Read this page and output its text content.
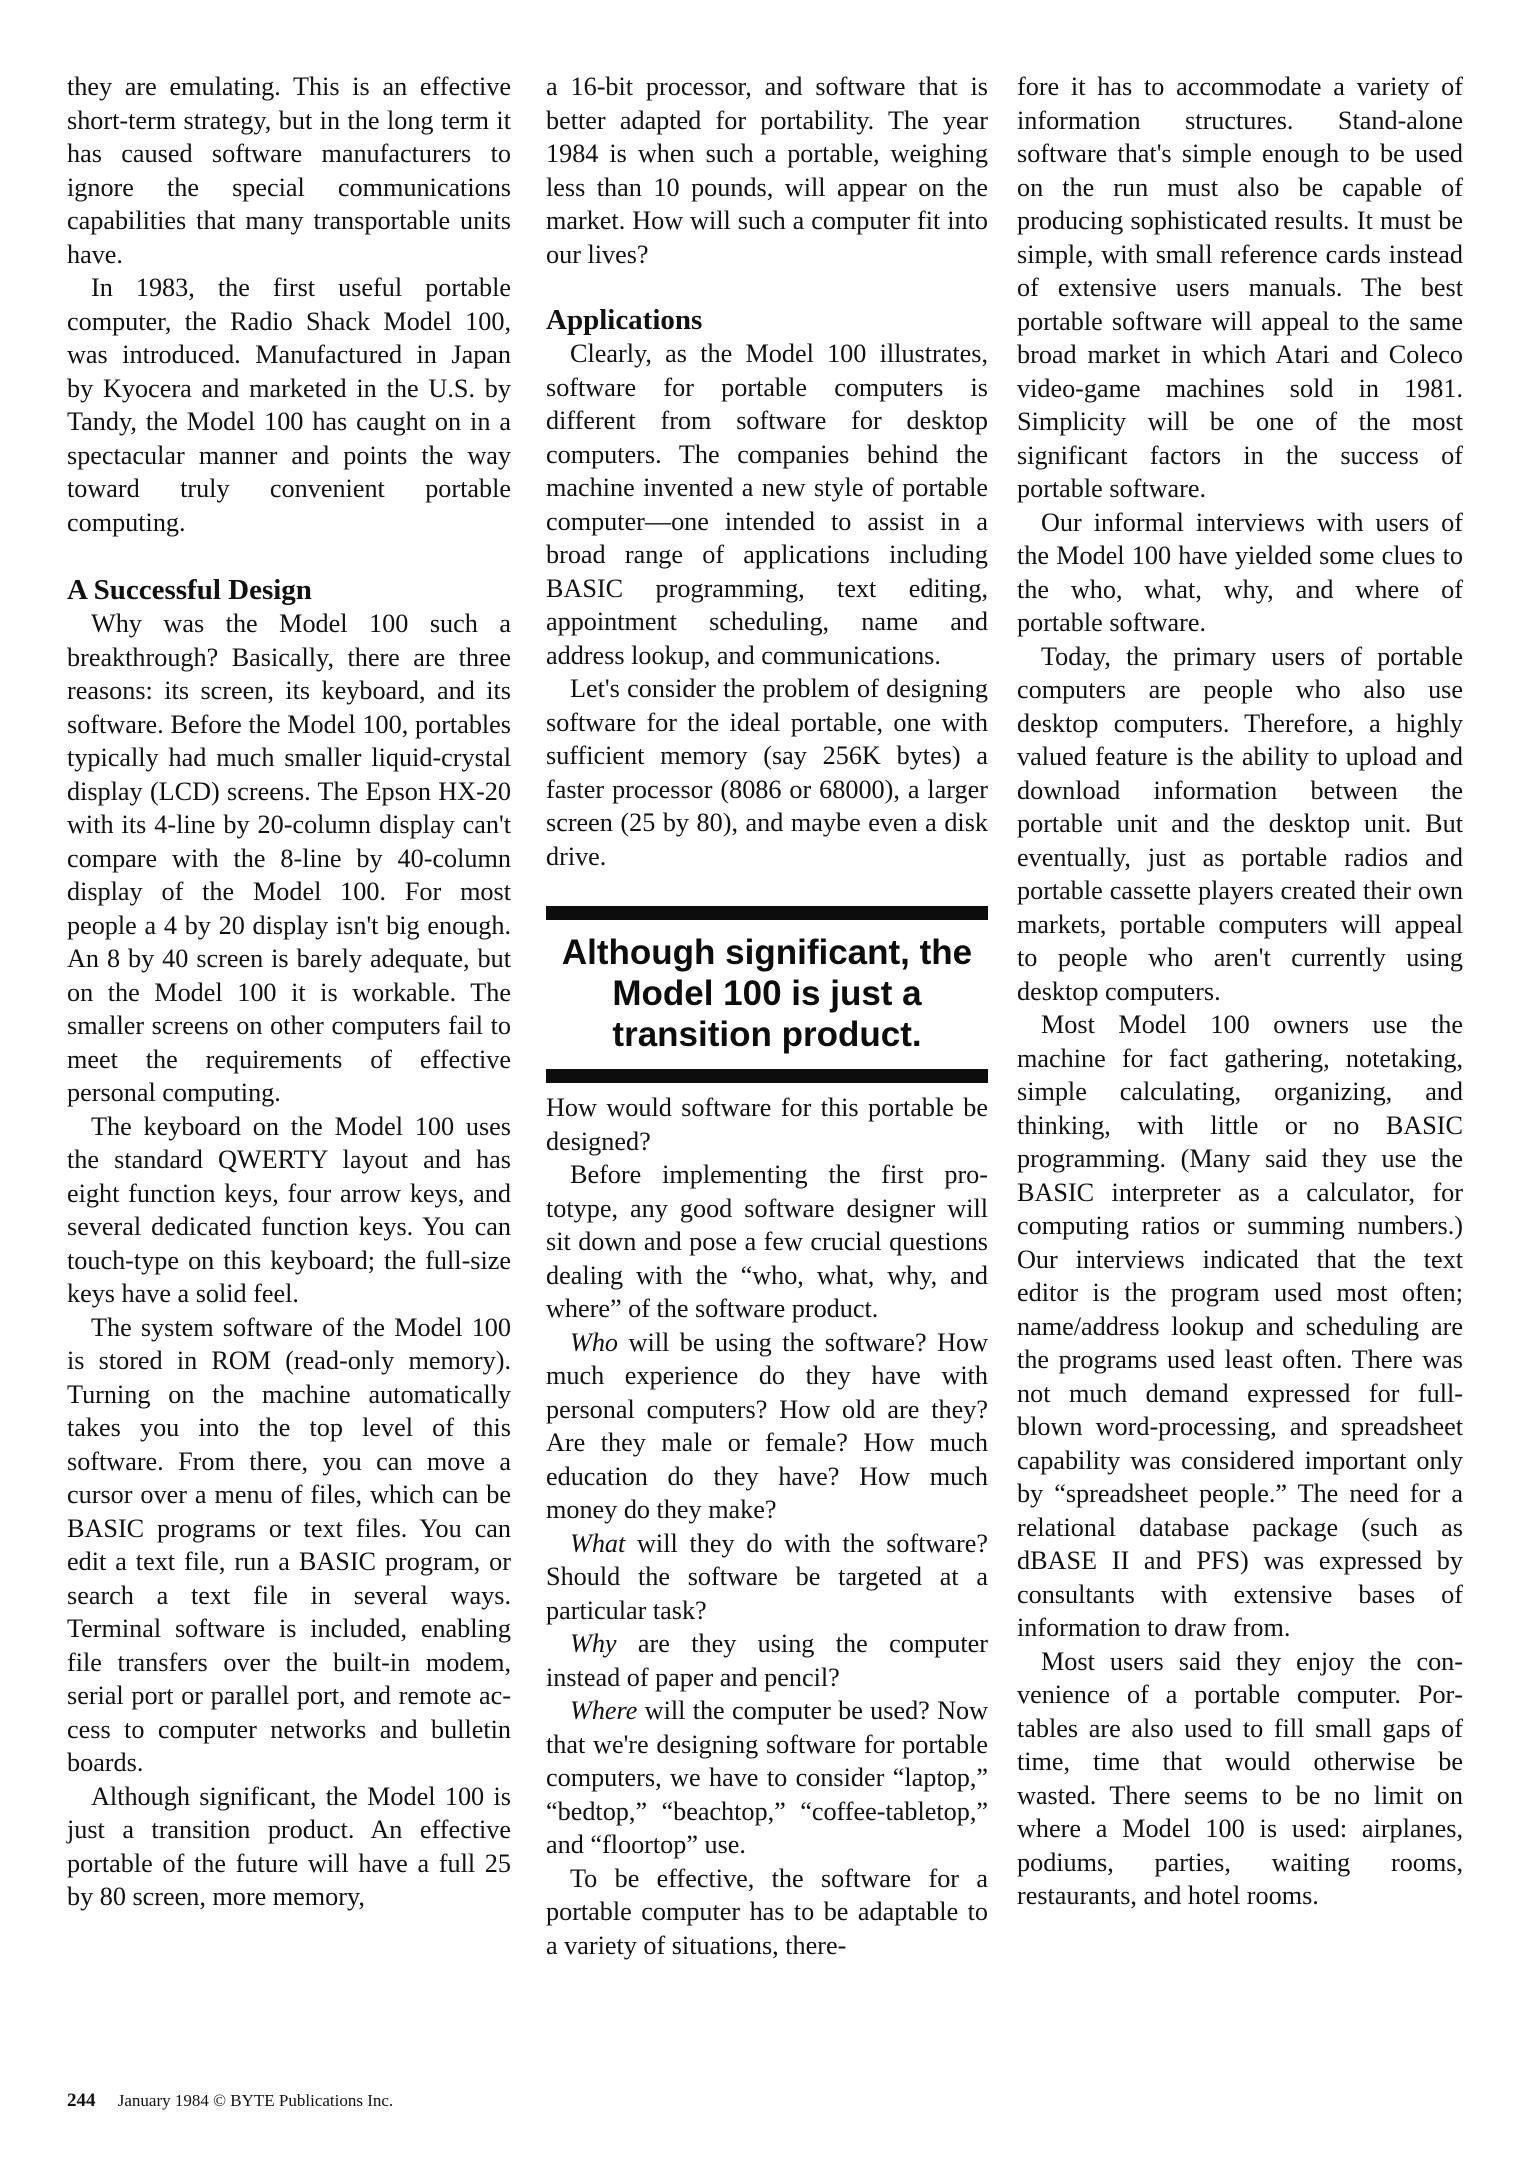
they are emulating. This is an effective short-term strategy, but in the long term it has caused software manufacturers to ignore the special communications capabilities that many transportable units have.

In 1983, the first useful portable computer, the Radio Shack Model 100, was introduced. Manufactured in Japan by Kyocera and marketed in the U.S. by Tandy, the Model 100 has caught on in a spectacular manner and points the way toward truly convenient portable computing.

A Successful Design

Why was the Model 100 such a breakthrough? Basically, there are three reasons: its screen, its keyboard, and its software. Before the Model 100, portables typically had much smaller liquid-crystal display (LCD) screens. The Epson HX-20 with its 4-line by 20-column display can't compare with the 8-line by 40-column display of the Model 100. For most people a 4 by 20 display isn't big enough. An 8 by 40 screen is barely adequate, but on the Model 100 it is workable. The smaller screens on other computers fail to meet the requirements of effective personal computing.

The keyboard on the Model 100 uses the standard QWERTY layout and has eight function keys, four arrow keys, and several dedicated function keys. You can touch-type on this keyboard; the full-size keys have a solid feel.

The system software of the Model 100 is stored in ROM (read-only memory). Turning on the machine automatically takes you into the top level of this software. From there, you can move a cursor over a menu of files, which can be BASIC programs or text files. You can edit a text file, run a BASIC program, or search a text file in several ways. Terminal software is included, enabling file transfers over the built-in modem, serial port or parallel port, and remote access to computer networks and bulletin boards.

Although significant, the Model 100 is just a transition product. An effective portable of the future will have a full 25 by 80 screen, more memory,

a 16-bit processor, and software that is better adapted for portability. The year 1984 is when such a portable, weighing less than 10 pounds, will appear on the market. How will such a computer fit into our lives?

Applications

Clearly, as the Model 100 illustrates, software for portable computers is different from software for desktop computers. The companies behind the machine invented a new style of portable computer—one intended to assist in a broad range of applications including BASIC programming, text editing, appointment scheduling, name and address lookup, and communications.

Let's consider the problem of designing software for the ideal portable, one with sufficient memory (say 256K bytes) a faster processor (8086 or 68000), a larger screen (25 by 80), and maybe even a disk drive.

Although significant, the Model 100 is just a transition product.

How would software for this portable be designed?

Before implementing the first prototype, any good software designer will sit down and pose a few crucial questions dealing with the “who, what, why, and where” of the software product.

Who will be using the software? How much experience do they have with personal computers? How old are they? Are they male or female? How much education do they have? How much money do they make?

What will they do with the software? Should the software be targeted at a particular task?

Why are they using the computer instead of paper and pencil?

Where will the computer be used? Now that we're designing software for portable computers, we have to consider “laptop,” “bedtop,” “beachtop,” “coffee-tabletop,” and “floortop” use.

To be effective, the software for a portable computer has to be adaptable to a variety of situations, there-

fore it has to accommodate a variety of information structures. Stand-alone software that's simple enough to be used on the run must also be capable of producing sophisticated results. It must be simple, with small reference cards instead of extensive users manuals. The best portable software will appeal to the same broad market in which Atari and Coleco video-game machines sold in 1981. Simplicity will be one of the most significant factors in the success of portable software.

Our informal interviews with users of the Model 100 have yielded some clues to the who, what, why, and where of portable software.

Today, the primary users of portable computers are people who also use desktop computers. Therefore, a highly valued feature is the ability to upload and download information between the portable unit and the desktop unit. But eventually, just as portable radios and portable cassette players created their own markets, portable computers will appeal to people who aren't currently using desktop computers.

Most Model 100 owners use the machine for fact gathering, notetaking, simple calculating, organizing, and thinking, with little or no BASIC programming. (Many said they use the BASIC interpreter as a calculator, for computing ratios or summing numbers.) Our interviews indicated that the text editor is the program used most often; name/address lookup and scheduling are the programs used least often. There was not much demand expressed for full-blown word-processing, and spreadsheet capability was considered important only by “spreadsheet people.” The need for a relational database package (such as dBASE II and PFS) was expressed by consultants with extensive bases of information to draw from.

Most users said they enjoy the convenience of a portable computer. Portables are also used to fill small gaps of time, time that would otherwise be wasted. There seems to be no limit on where a Model 100 is used: airplanes, podiums, parties, waiting rooms, restaurants, and hotel rooms.

244 January 1984 © BYTE Publications Inc.
